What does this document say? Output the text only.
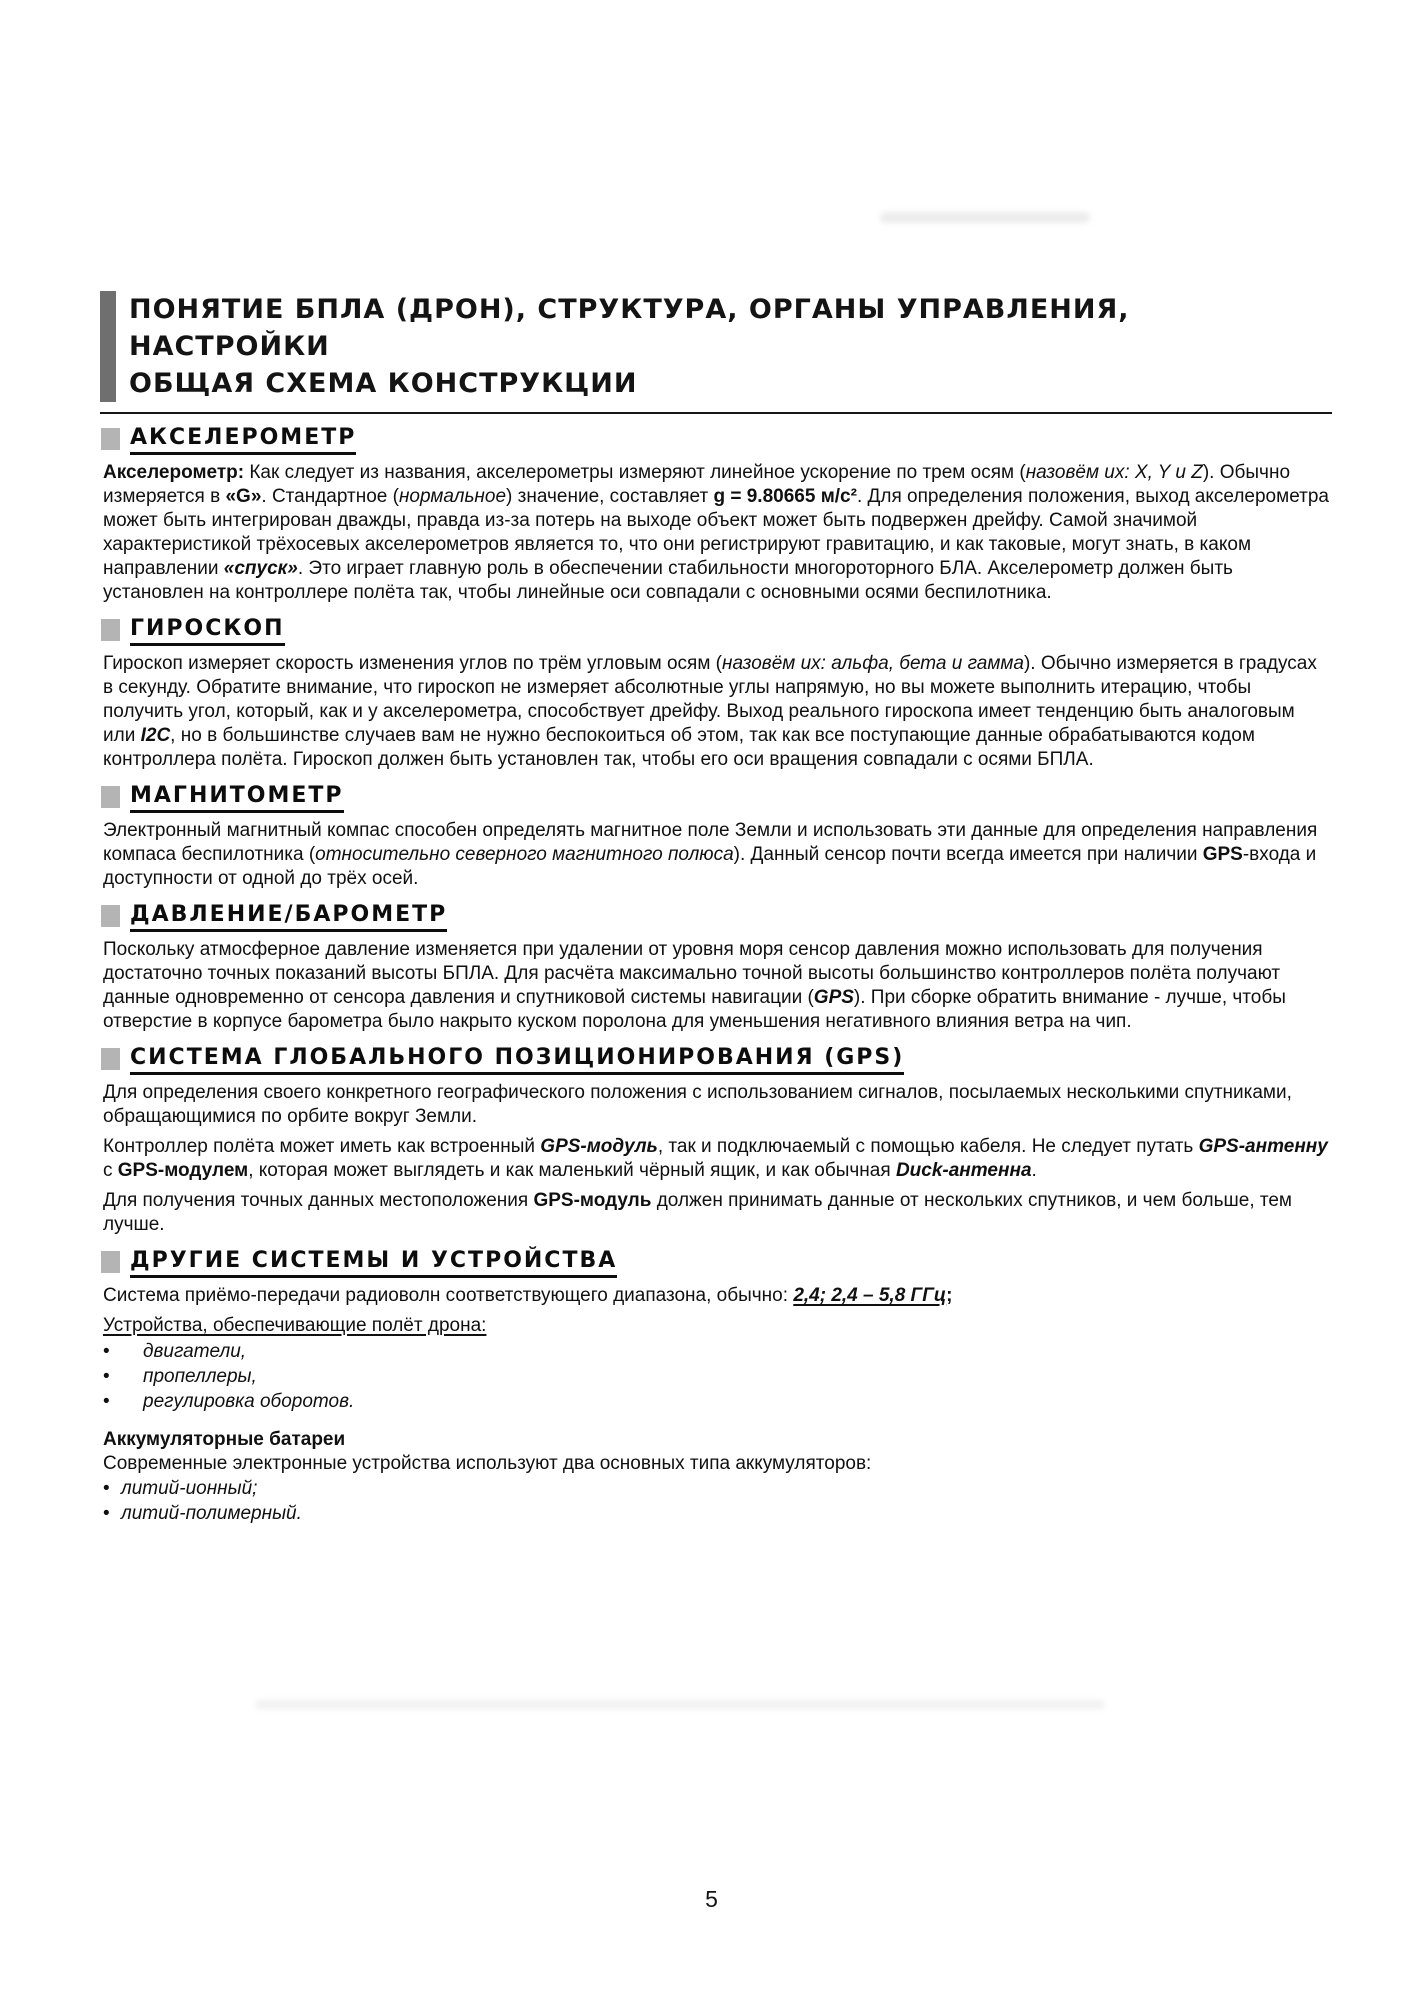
ПОНЯТИЕ БПЛА (ДРОН), СТРУКТУРА, ОРГАНЫ УПРАВЛЕНИЯ, НАСТРОЙКИ
ОБЩАЯ СХЕМА КОНСТРУКЦИИ
АКСЕЛЕРОМЕТР

Акселерометр: Как следует из названия, акселерометры измеряют линейное ускорение по трем осям (назовём их: X, Y и Z). Обычно измеряется в «G». Стандартное (нормальное) значение, составляет g = 9.80665 м/с². Для определения положения, выход акселерометра может быть интегрирован дважды, правда из-за потерь на выходе объект может быть подвержен дрейфу. Самой значимой характеристикой трёхосевых акселерометров является то, что они регистрируют гравитацию, и как таковые, могут знать, в каком направлении «спуск». Это играет главную роль в обеспечении стабильности многороторного БЛА. Акселерометр должен быть установлен на контроллере полёта так, чтобы линейные оси совпадали с основными осями беспилотника.

ГИРОСКОП

Гироскоп измеряет скорость изменения углов по трём угловым осям (назовём их: альфа, бета и гамма). Обычно измеряется в градусах в секунду. Обратите внимание, что гироскоп не измеряет абсолютные углы напрямую, но вы можете выполнить итерацию, чтобы получить угол, который, как и у акселерометра, способствует дрейфу. Выход реального гироскопа имеет тенденцию быть аналоговым или I2C, но в большинстве случаев вам не нужно беспокоиться об этом, так как все поступающие данные обрабатываются кодом контроллера полёта. Гироскоп должен быть установлен так, чтобы его оси вращения совпадали с осями БПЛА.

МАГНИТОМЕТР

Электронный магнитный компас способен определять магнитное поле Земли и использовать эти данные для определения направления компаса беспилотника (относительно северного магнитного полюса). Данный сенсор почти всегда имеется при наличии GPS-входа и доступности от одной до трёх осей.

ДАВЛЕНИЕ/БАРОМЕТР

Поскольку атмосферное давление изменяется при удалении от уровня моря сенсор давления можно использовать для получения достаточно точных показаний высоты БПЛА. Для расчёта максимально точной высоты большинство контроллеров полёта получают данные одновременно от сенсора давления и спутниковой системы навигации (GPS). При сборке обратить внимание - лучше, чтобы отверстие в корпусе барометра было накрыто куском поролона для уменьшения негативного влияния ветра на чип.

СИСТЕМА ГЛОБАЛЬНОГО ПОЗИЦИОНИРОВАНИЯ (GPS)

Для определения своего конкретного географического положения с использованием сигналов, посылаемых несколькими спутниками, обращающимися по орбите вокруг Земли.

Контроллер полёта может иметь как встроенный GPS-модуль, так и подключаемый с помощью кабеля. Не следует путать GPS-антенну с GPS-модулем, которая может выглядеть и как маленький чёрный ящик, и как обычная Duck-антенна.

Для получения точных данных местоположения GPS-модуль должен принимать данные от нескольких спутников, и чем больше, тем лучше.

ДРУГИЕ СИСТЕМЫ И УСТРОЙСТВА

Система приёмо-передачи радиоволн соответствующего диапазона, обычно: 2,4; 2,4 – 5,8 ГГц;

Устройства, обеспечивающие полёт дрона:

•	двигатели,
•	пропеллеры,
•	регулировка оборотов.
Аккумуляторные батареи
Современные электронные устройства используют два основных типа аккумуляторов:
• литий-ионный;
• литий-полимерный.
5
